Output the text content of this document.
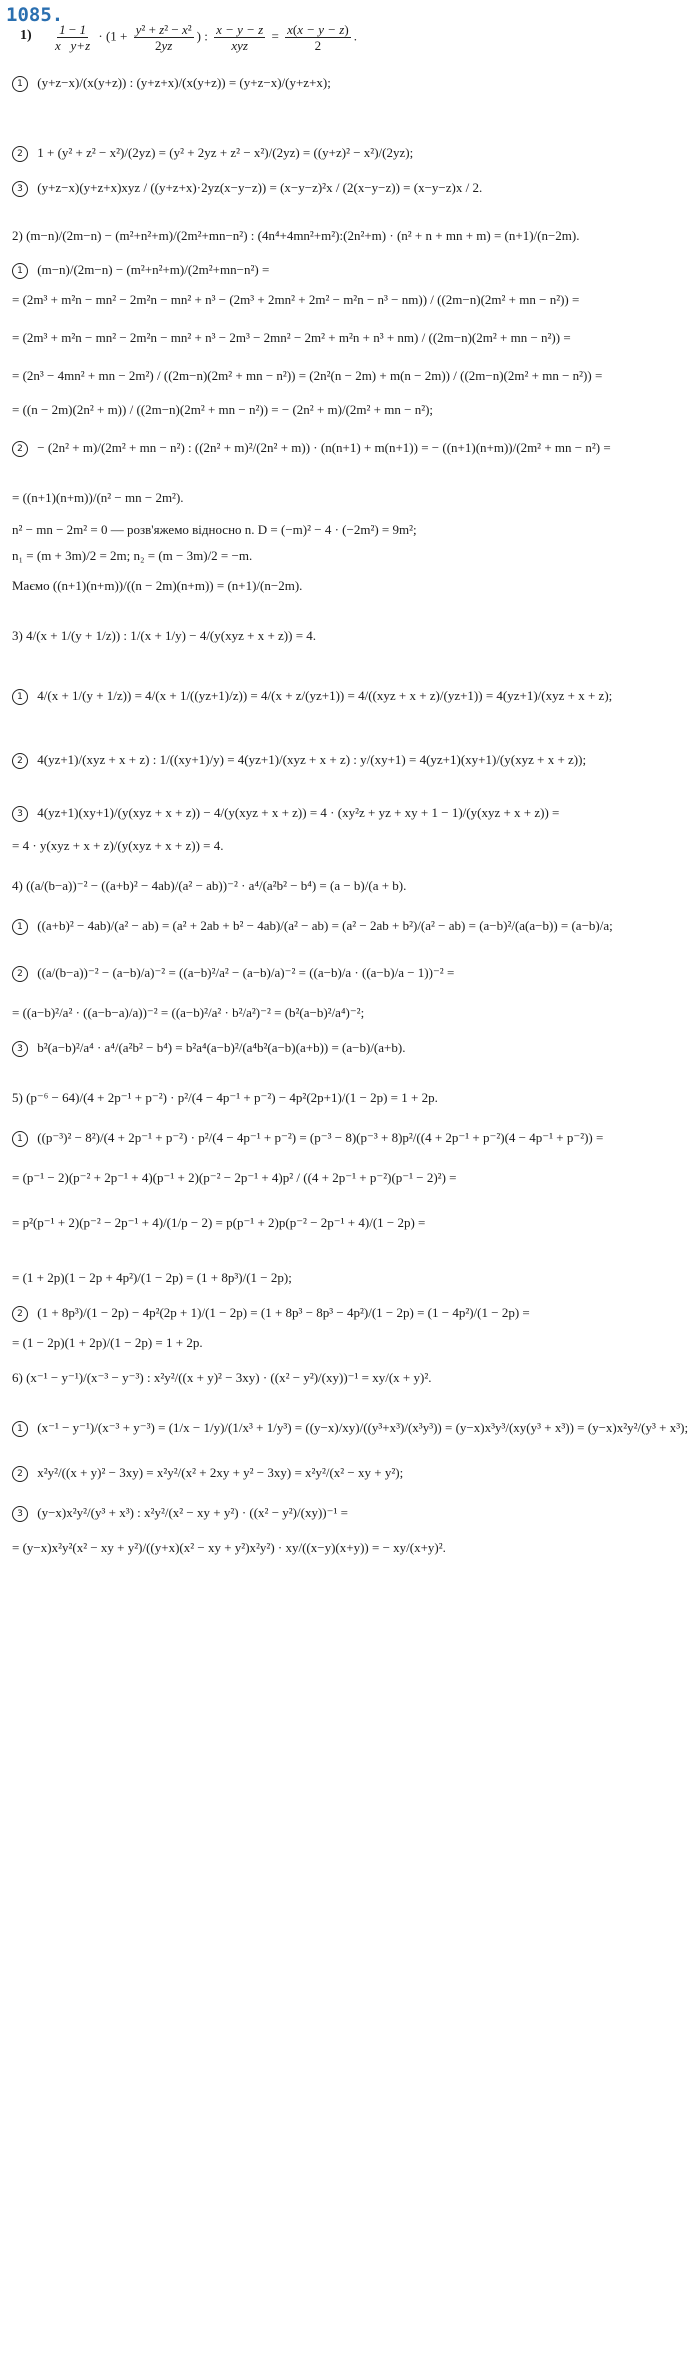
1085.
$1) \frac{1 - 1}{\text{x y+z}} \cdot (1 + \frac{\text{y² + z² − x²}}{2yz}$ ) : $\frac{x - y - z}{\text{xyz}} = \frac{x(x - y - z)}{2}$ .
1 (y+z−x)/(x(y+z)) : (y+z+x)/(x(y+z)) = (y+z−x)/(y+z+x);
2 1 + (y² + z² − x²)/(2yz) = (y² + 2yz + z² − x²)/(2yz) = ((y+z)² − x²)/(2yz);
3 (y+z−x)(y+z+x)xyz / ((y+z+x)·2yz(x−y−z)) = (x−y−z)²x / (2(x−y−z)) = (x−y−z)x / 2.
2) (m−n)/(2m−n) − (m²+n²+m)/(2m²+mn−n²) : (4n⁴+4mn²+m²):(2n²+m) · (n² + n + mn + m) = (n+1)/(n−2m).
1 (m−n)/(2m−n) − (m²+n²+m)/(2m²+mn−n²) =
= (2m³ + m²n − mn² − 2m²n − mn² + n³ − (2m³ + 2mn² + 2m² − m²n − n³ − nm)) / ((2m−n)(2m² + mn − n²)) =
= (2m³ + m²n − mn² − 2m²n − mn² + n³ − 2m³ − 2mn² − 2m² + m²n + n³ + nm) / ((2m−n)(2m² + mn − n²)) =
= (2n³ − 4mn² + mn − 2m²) / ((2m−n)(2m² + mn − n²)) = (2n²(n − 2m) + m(n − 2m)) / ((2m−n)(2m² + mn − n²)) =
= ((n − 2m)(2n² + m)) / ((2m−n)(2m² + mn − n²)) = − (2n² + m)/(2m² + mn − n²);
2 − (2n² + m)/(2m² + mn − n²) : ((2n² + m)²/(2n² + m)) · (n(n+1) + m(n+1)) = − ((n+1)(n+m))/(2m² + mn − n²) =
= ((n+1)(n+m))/(n² − mn − 2m²).
n² − mn − 2m² = 0 — розв'яжемо відносно n. D = (−m)² − 4 · (−2m²) = 9m²;
n₁ = (m + 3m)/2 = 2m; n₂ = (m − 3m)/2 = −m.
Маємо ((n+1)(n+m))/((n − 2m)(n+m)) = (n+1)/(n−2m).
3) 4/(x + 1/(y + 1/z)) : 1/(x + 1/y) − 4/(y(xyz + x + z)) = 4.
1 4/(x + 1/(y + 1/z)) = 4/(x + 1/((yz+1)/z)) = 4/(x + z/(yz+1)) = 4/((xyz + x + z)/(yz+1)) = 4(yz+1)/(xyz + x + z);
2 4(yz+1)/(xyz + x + z) : 1/((xy+1)/y) = 4(yz+1)/(xyz + x + z) : y/(xy+1) = 4(yz+1)(xy+1)/(y(xyz + x + z));
3 4(yz+1)(xy+1)/(y(xyz + x + z)) − 4/(y(xyz + x + z)) = 4 · (xy²z + yz + xy + 1 − 1)/(y(xyz + x + z)) =
= 4 · y(xyz + x + z)/(y(xyz + x + z)) = 4.
4) ((a/(b−a))⁻² − ((a+b)² − 4ab)/(a² − ab))⁻² · a⁴/(a²b² − b⁴) = (a − b)/(a + b).
1 ((a+b)² − 4ab)/(a² − ab) = (a² + 2ab + b² − 4ab)/(a² − ab) = (a² − 2ab + b²)/(a² − ab) = (a−b)²/(a(a−b)) = (a−b)/a;
2 ((a/(b−a))⁻² − (a−b)/a)⁻² = ((a−b)²/a² − (a−b)/a)⁻² = ((a−b)/a · ((a−b)/a − 1))⁻² =
= ((a−b)²/a² · ((a−b−a)/a))⁻² = ((a−b)²/a² · b²/a²)⁻² = (b²(a−b)²/a⁴)⁻²;
3 b²(a−b)²/a⁴ · a⁴/(a²b² − b⁴) = b²a⁴(a−b)²/(a⁴b²(a−b)(a+b)) = (a−b)/(a+b).
5) (p⁻⁶ − 64)/(4 + 2p⁻¹ + p⁻²) · p²/(4 − 4p⁻¹ + p⁻²) − 4p²(2p+1)/(1 − 2p) = 1 + 2p.
1 ((p⁻³)² − 8²)/(4 + 2p⁻¹ + p⁻²) · p²/(4 − 4p⁻¹ + p⁻²) = (p⁻³ − 8)(p⁻³ + 8)p²/((4 + 2p⁻¹ + p⁻²)(4 − 4p⁻¹ + p⁻²)) =
= (p⁻¹ − 2)(p⁻² + 2p⁻¹ + 4)(p⁻¹ + 2)(p⁻² − 2p⁻¹ + 4)p² / ((4 + 2p⁻¹ + p⁻²)(p⁻¹ − 2)²) =
= p²(p⁻¹ + 2)(p⁻² − 2p⁻¹ + 4)/(1/p − 2) = p(p⁻¹ + 2)p(p⁻² − 2p⁻¹ + 4)/(1 − 2p) =
= (1 + 2p)(1 − 2p + 4p²)/(1 − 2p) = (1 + 8p³)/(1 − 2p);
2 (1 + 8p³)/(1 − 2p) − 4p²(2p + 1)/(1 − 2p) = (1 + 8p³ − 8p³ − 4p²)/(1 − 2p) = (1 − 4p²)/(1 − 2p) =
= (1 − 2p)(1 + 2p)/(1 − 2p) = 1 + 2p.
6) (x⁻¹ − y⁻¹)/(x⁻³ − y⁻³) : x²y²/((x + y)² − 3xy) · ((x² − y²)/(xy))⁻¹ = xy/(x + y)².
1 (x⁻¹ − y⁻¹)/(x⁻³ + y⁻³) = (1/x − 1/y)/(1/x³ + 1/y³) = ((y−x)/xy)/((y³+x³)/(x³y³)) = (y−x)x³y³/(xy(y³ + x³)) = (y−x)x²y²/(y³ + x³);
2 x²y²/((x + y)² − 3xy) = x²y²/(x² + 2xy + y² − 3xy) = x²y²/(x² − xy + y²);
3 (y−x)x²y²/(y³ + x³) : x²y²/(x² − xy + y²) · ((x² − y²)/(xy))⁻¹ =
= (y−x)x²y²(x² − xy + y²)/((y+x)(x² − xy + y²)x²y²) · xy/((x−y)(x+y)) = − xy/(x+y)².
